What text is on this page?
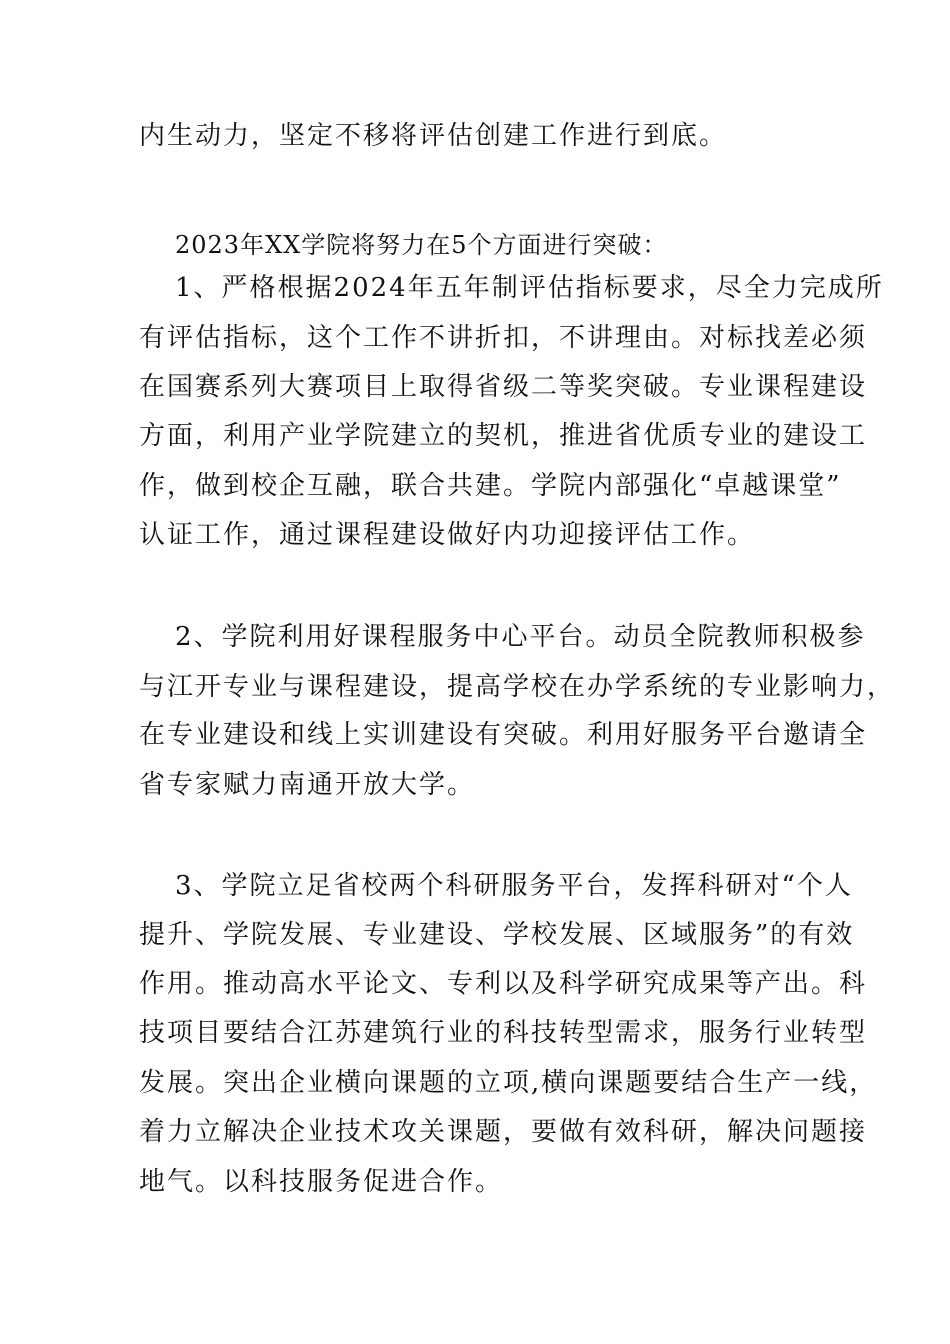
内生动力，坚定不移将评估创建工作进行到底。
2023年XX学院将努力在5个方面进行突破：
1、严格根据2024年五年制评估指标要求，尽全力完成所
有评估指标，这个工作不讲折扣，不讲理由。对标找差必须
在国赛系列大赛项目上取得省级二等奖突破。专业课程建设
方面，利用产业学院建立的契机，推进省优质专业的建设工
作，做到校企互融，联合共建。学院内部强化“卓越课堂”
认证工作，通过课程建设做好内功迎接评估工作。
2、学院利用好课程服务中心平台。动员全院教师积极参
与江开专业与课程建设，提高学校在办学系统的专业影响力，
在专业建设和线上实训建设有突破。利用好服务平台邀请全
省专家赋力南通开放大学。
3、学院立足省校两个科研服务平台，发挥科研对“个人
提升、学院发展、专业建设、学校发展、区域服务”的有效
作用。推动高水平论文、专利以及科学研究成果等产出。科
技项目要结合江苏建筑行业的科技转型需求，服务行业转型
发展。突出企业横向课题的立项,横向课题要结合生产一线，
着力立解决企业技术攻关课题，要做有效科研，解决问题接
地气。以科技服务促进合作。
